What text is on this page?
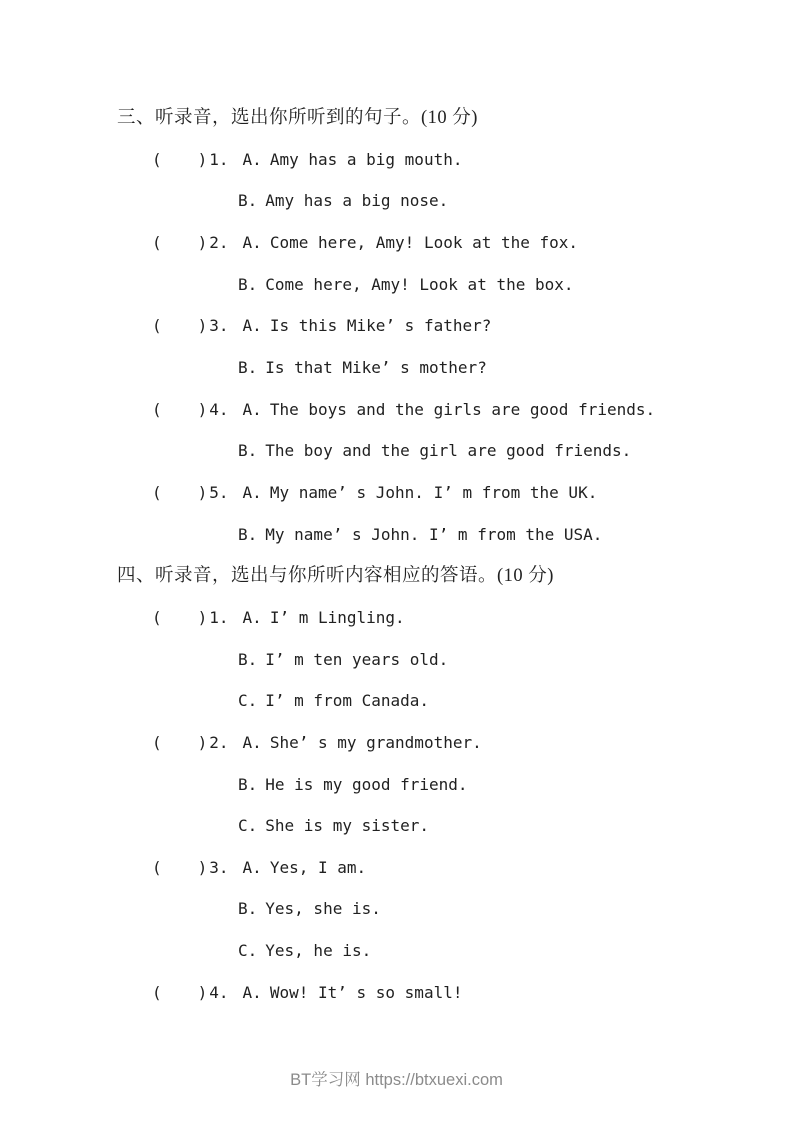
三、听录音，选出你所听到的句子。(10 分)
( ) 1. A. Amy has a big mouth.
B. Amy has a big nose.
( ) 2. A. Come here, Amy! Look at the fox.
B. Come here, Amy! Look at the box.
( ) 3. A. Is this Mike’ s father?
B. Is that Mike’ s mother?
( ) 4. A. The boys and the girls are good friends.
B. The boy and the girl are good friends.
( ) 5. A. My name’ s John. I’ m from the UK.
B. My name’ s John. I’ m from the USA.
四、听录音，选出与你所听内容相应的答语。(10 分)
( ) 1. A. I’ m Lingling.
B. I’ m ten years old.
C. I’ m from Canada.
( ) 2. A. She’ s my grandmother.
B. He is my good friend.
C. She is my sister.
( ) 3. A. Yes, I am.
B. Yes, she is.
C. Yes, he is.
( ) 4. A. Wow! It’ s so small!
BT学习网 https://btxuexi.com
